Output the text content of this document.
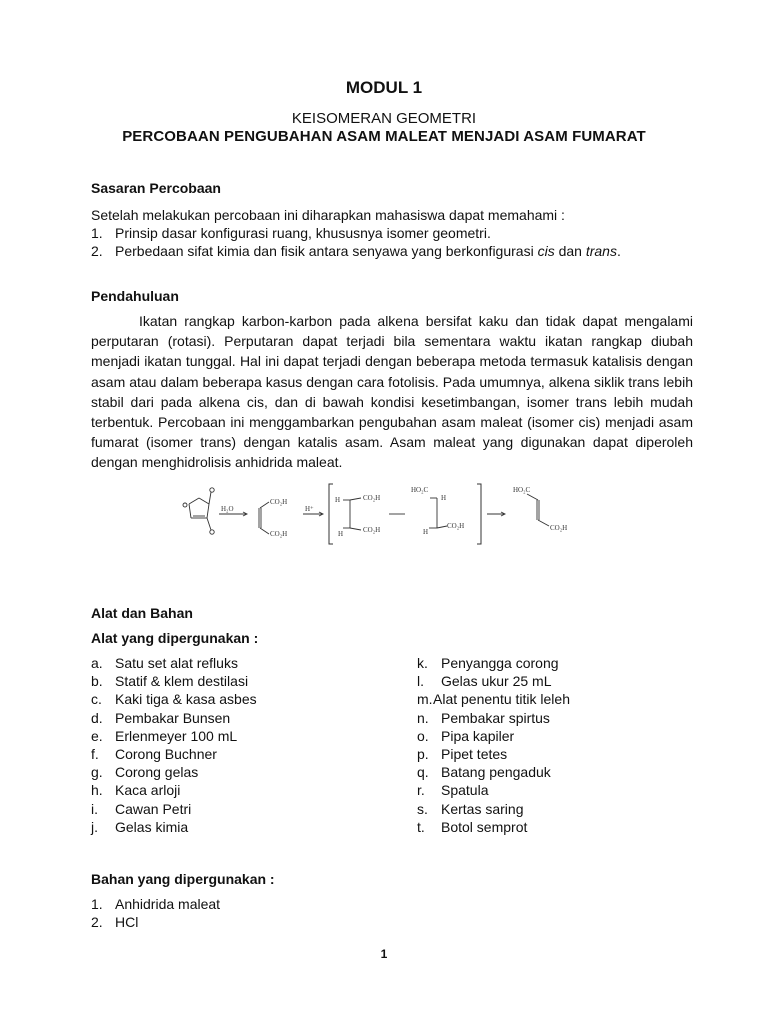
MODUL 1
KEISOMERAN GEOMETRI
PERCOBAAN PENGUBAHAN ASAM MALEAT MENJADI ASAM FUMARAT
Sasaran Percobaan
Setelah melakukan percobaan ini diharapkan mahasiswa dapat memahami :
1. Prinsip dasar konfigurasi ruang, khususnya isomer geometri.
2. Perbedaan sifat kimia dan fisik antara senyawa yang berkonfigurasi cis dan trans.
Pendahuluan
Ikatan rangkap karbon-karbon pada alkena bersifat kaku dan tidak dapat mengalami perputaran (rotasi). Perputaran dapat terjadi bila sementara waktu ikatan rangkap diubah menjadi ikatan tunggal. Hal ini dapat terjadi dengan beberapa metoda termasuk katalisis dengan asam atau dalam beberapa kasus dengan cara fotolisis. Pada umumnya, alkena siklik trans lebih stabil dari pada alkena cis, dan di bawah kondisi kesetimbangan, isomer trans lebih mudah terbentuk. Percobaan ini menggambarkan pengubahan asam maleat (isomer cis) menjadi asam fumarat (isomer trans) dengan katalis asam. Asam maleat yang digunakan dapat diperoleh dengan menghidrolisis anhidrida maleat.
H₂O
CO₂H
CO₂H
H⁺
H	CO₂H
CO₂H
H
HO₂C
H
CO₂H
H
HO₂C
CO₂H
Alat dan Bahan
Alat yang dipergunakan :
a. Satu set alat refluks
b. Statif & klem destilasi
c. Kaki tiga & kasa asbes
d. Pembakar Bunsen
e. Erlenmeyer 100 mL
f. Corong Buchner
g. Corong gelas
h. Kaca arloji
i. Cawan Petri
j. Gelas kimia
k. Penyangga corong
l. Gelas ukur 25 mL
m.Alat penentu titik leleh
n. Pembakar spirtus
o. Pipa kapiler
p. Pipet tetes
q. Batang pengaduk
r. Spatula
s. Kertas saring
t. Botol semprot
Bahan yang dipergunakan :
1. Anhidrida maleat
2. HCl
1
